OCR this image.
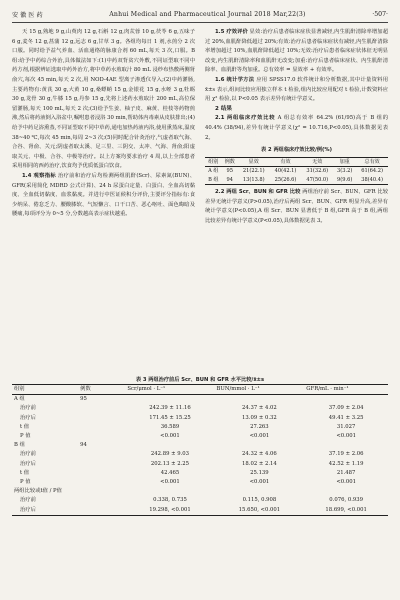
安 徽 医 药	Anhui Medical and Pharmaceutical Journal 2018 Mar,22(3)	·507·

天 15 g,熟地 9 g,山萸肉 12 g,石斛 12 g,肉苁蓉 10 g,茯苓 6 g,五味子 6 g,麦冬 12 g,菖蒲 12 g,远志 6 g,甘草 3 g。各组均每日 1 剂,水煎分 2 次口服。同时给予益气养血、活血通络的脉康合剂 60 mL,每天 3 次,口服。B 组:给予中药综合外治,具体做法如下:(1)中药双背贫穴外敷,不同证型取不同中药方剂,根据辨证选取中药外治方,将中草药水煎取汁 80 mL 浸纱布热敷两侧肾俞穴,每次 45 min,每天 2 次,用 NOD-4AE 型离子渗透仪导入;(2)中药灌肠,主要药物有:黄芪 30 g,大黄 10 g,桑螵蛸 15 g,金银花 15 g,水蛭 3 g,牡蛎 30 g,龙骨 30 g,牛膝 15 g,丹参 15 g,先将上述药水煎取汁 200 mL,高位保留灌肠,每天 100 mL,每天 2 次;(3)给予生姜、柚子皮、麻黄、桂枝等药物煎沸,然后将药液倒入浴盆中,嘱咐患者浸浴 30 min,帮助体内毒素从皮肤排出;(4)给予中药足浴熏蒸,不同证型取不同中草药,通电加热药液内浴,使用熏蒸床,温度 38~40 ℃,每次 45 min,每周 2~3 次;(5)同时配合针灸治疗,气虚者取气海、合谷、肾俞、关元;阴虚者取太溪、足三里、三阴交、太冲、气海、肾俞;阳虚取关元、中极、合谷、中极等治疗。以上方案均要求治疗 4 周,以上全部患者采用相同的西药治疗,饮食均予优质低蛋白饮食。

1.4 观察指标 治疗前和治疗后均检测两组肌酐(Scr)、尿素氮(BUN)、GFR(采用简化 MDRD 公式计算)、24 h 尿蛋白定量、白蛋白、全血高切黏度、全血低切黏度、血浆黏度。并进行中医证候积分评价,主要评分指标有:食少纳呆、倦怠乏力、腰酸膝软、气短懒言、口干口苦、恶心呕吐、面色晦暗及腰痛,每项评分为 0~5 分,分数越高表示症状越重。

1.5 疗效评价 显效:治疗后患者临床症状显著减轻,内生肌酐清除率增加超过 20%,血肌酐降低超过 20%;有效:治疗后患者临床症状有减轻,内生肌酐清除率增加超过 10%,血肌酐降低超过 10%;无效:治疗后患者临床症状体征无明显改变,内生肌酐清除率和血肌酐无改变;加重:治疗后患者临床症状、内生肌酐清除率、血肌酐等均加重。总有效率 = 显效率 + 有效率。

1.6 统计学方法 应用 SPSS17.0 软件统计和分析数据,其中计量资料用 x̄±s 表示,组间比较应用独立样本 t 检验,组内比较应用配对 t 检验,计数资料应用 χ² 检验,以 P<0.05 表示差异有统计学意义。

2 结果

2.1 两组临床疗效比较 A 组总有效率 64.2% (61/95)高于 B 组的 40.4% (38/94),差异有统计学意义(χ² = 10.716,P<0.05),具体数据见表 2。

表 2 两组临床疗效比较/例(%)
组别	例数	显效	有效	无效	加重	总有效
A 组	95	21(22.1)	40(42.1)	31(32.6)	3(3.2)	61(64.2)
B 组	94	13(13.8)	25(26.6)	47(50.0)	9(9.6)	38(40.4)

2.2 两组 Scr、BUN 和 GFR 比较 两组治疗前 Scr、BUN、GFR 比较差异无统计学意义(P>0.05),治疗后两组 Scr、BUN、GFR 明显升高,差异有统计学意义(P<0.05),A 组 Scr、BUN 显著低于 B 组,GFR 高于 B 组,两组比较差异有统计学意义(P<0.05),具体数据见表 3。

表 3 两组治疗前后 Scr、BUN 和 GFR 水平比较/x̄±s
组别	例数	Scr/μmol · L⁻¹	BUN/mmol · L⁻¹	GFR/mL · min⁻¹
A 组	95			
治疗前		242.39 ± 11.16	24.37 ± 4.02	37.09 ± 2.04
治疗后		171.45 ± 15.25	13.09 ± 0.32	49.41 ± 3.25
t 值		36.589	27.263	31.027
P 值		<0.001	<0.001	<0.001
B 组	94			
治疗前		242.89 ± 9.03	24.32 ± 4.06	37.19 ± 2.06
治疗后		202.13 ± 2.25	18.02 ± 2.14	42.52 ± 1.19
t 值		42.465	25.139	21.487
P 值		<0.001	<0.001	<0.001
两组比较或t值 / P值				
治疗前		0.338, 0.735	0.115, 0.908	0.076, 0.939
治疗后		19.298, <0.001	15.650, <0.001	18.699, <0.001
